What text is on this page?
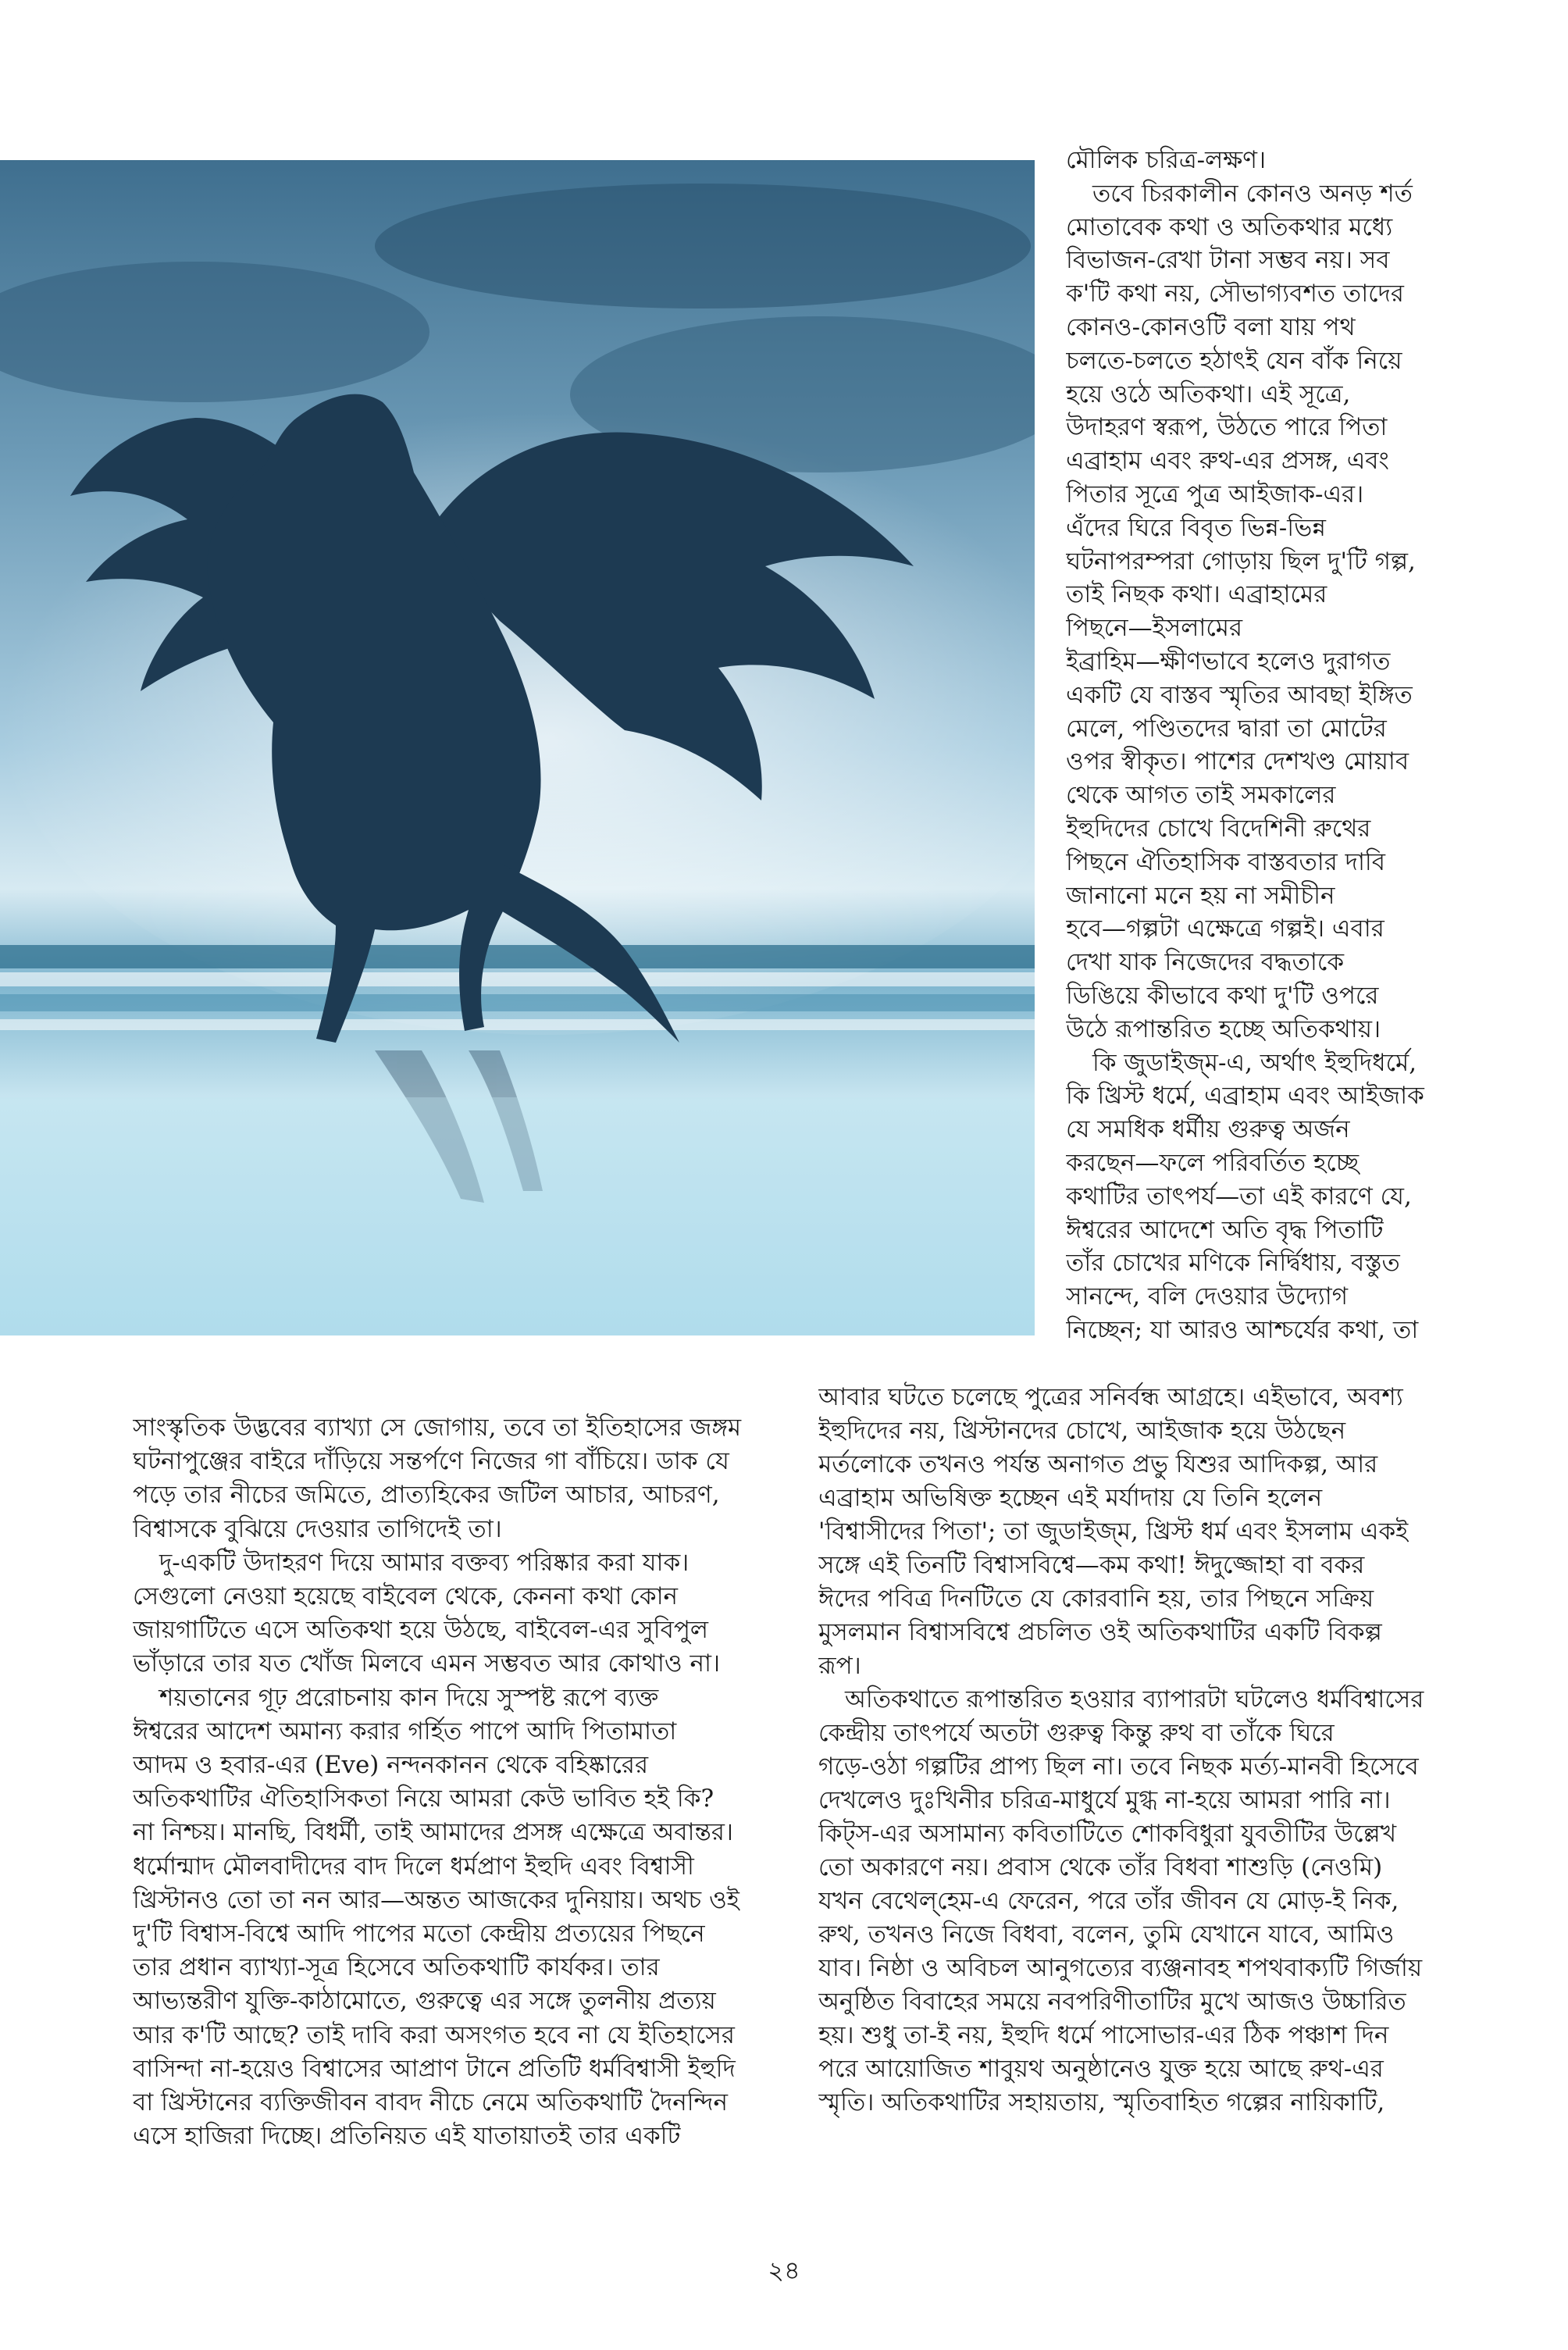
মৌলিক চরিত্র-লক্ষণ।

তবে চিরকালীন কোনও অনড় শর্ত

মোতাবেক কথা ও অতিকথার মধ্যে

বিভাজন-রেখা টানা সম্ভব নয়। সব

ক'টি কথা নয়, সৌভাগ্যবশত তাদের

কোনও-কোনওটি বলা যায় পথ

চলতে-চলতে হঠাৎই যেন বাঁক নিয়ে

হয়ে ওঠে অতিকথা। এই সূত্রে,

উদাহরণ স্বরূপ, উঠতে পারে পিতা

এব্রাহাম এবং রুথ-এর প্রসঙ্গ, এবং

পিতার সূত্রে পুত্র আইজাক-এর।

এঁদের ঘিরে বিবৃত ভিন্ন-ভিন্ন

ঘটনাপরম্পরা গোড়ায় ছিল দু'টি গল্প,

তাই নিছক কথা। এব্রাহামের

পিছনে—ইসলামের

ইব্রাহিম—ক্ষীণভাবে হলেও দুরাগত

একটি যে বাস্তব স্মৃতির আবছা ইঙ্গিত

মেলে, পণ্ডিতদের দ্বারা তা মোটের

ওপর স্বীকৃত। পাশের দেশখণ্ড মোয়াব

থেকে আগত তাই সমকালের

ইহুদিদের চোখে বিদেশিনী রুথের

পিছনে ঐতিহাসিক বাস্তবতার দাবি

জানানো মনে হয় না সমীচীন

হবে—গল্পটা এক্ষেত্রে গল্পই। এবার

দেখা যাক নিজেদের বদ্ধতাকে

ডিঙিয়ে কীভাবে কথা দু'টি ওপরে

উঠে রূপান্তরিত হচ্ছে অতিকথায়।

কি জুডাইজ্‌ম-এ, অর্থাৎ ইহুদিধর্মে,

কি খ্রিস্ট ধর্মে, এব্রাহাম এবং আইজাক

যে সমধিক ধর্মীয় গুরুত্ব অর্জন

করছেন—ফলে পরিবর্তিত হচ্ছে

কথাটির তাৎপর্য—তা এই কারণে যে,

ঈশ্বরের আদেশে অতি বৃদ্ধ পিতাটি

তাঁর চোখের মণিকে নির্দ্বিধায়, বস্তুত

সানন্দে, বলি দেওয়ার উদ্যোগ

নিচ্ছেন; যা আরও আশ্চর্যের কথা, তা

সাংস্কৃতিক উদ্ভবের ব্যাখ্যা সে জোগায়, তবে তা ইতিহাসের জঙ্গম

ঘটনাপুঞ্জের বাইরে দাঁড়িয়ে সন্তর্পণে নিজের গা বাঁচিয়ে। ডাক যে

পড়ে তার নীচের জমিতে, প্রাত্যহিকের জটিল আচার, আচরণ,

বিশ্বাসকে বুঝিয়ে দেওয়ার তাগিদেই তা।

দু-একটি উদাহরণ দিয়ে আমার বক্তব্য পরিষ্কার করা যাক।

সেগুলো নেওয়া হয়েছে বাইবেল থেকে, কেননা কথা কোন

জায়গাটিতে এসে অতিকথা হয়ে উঠছে, বাইবেল-এর সুবিপুল

ভাঁড়ারে তার যত খোঁজ মিলবে এমন সম্ভবত আর কোথাও না।

শয়তানের গূঢ় প্ররোচনায় কান দিয়ে সুস্পষ্ট রূপে ব্যক্ত

ঈশ্বরের আদেশ অমান্য করার গর্হিত পাপে আদি পিতামাতা

আদম ও হবার-এর (Eve) নন্দনকানন থেকে বহিষ্কারের

অতিকথাটির ঐতিহাসিকতা নিয়ে আমরা কেউ ভাবিত হই কি?

না নিশ্চয়। মানছি, বিধর্মী, তাই আমাদের প্রসঙ্গ এক্ষেত্রে অবান্তর।

ধর্মোন্মাদ মৌলবাদীদের বাদ দিলে ধর্মপ্রাণ ইহুদি এবং বিশ্বাসী

খ্রিস্টানও তো তা নন আর—অন্তত আজকের দুনিয়ায়। অথচ ওই

দু'টি বিশ্বাস-বিশ্বে আদি পাপের মতো কেন্দ্রীয় প্রত্যয়ের পিছনে

তার প্রধান ব্যাখ্যা-সূত্র হিসেবে অতিকথাটি কার্যকর। তার

আভ্যন্তরীণ যুক্তি-কাঠামোতে, গুরুত্বে এর সঙ্গে তুলনীয় প্রত্যয়

আর ক'টি আছে? তাই দাবি করা অসংগত হবে না যে ইতিহাসের

বাসিন্দা না-হয়েও বিশ্বাসের আপ্রাণ টানে প্রতিটি ধর্মবিশ্বাসী ইহুদি

বা খ্রিস্টানের ব্যক্তিজীবন বাবদ নীচে নেমে অতিকথাটি দৈনন্দিন

এসে হাজিরা দিচ্ছে। প্রতিনিয়ত এই যাতায়াতই তার একটি

আবার ঘটতে চলেছে পুত্রের সনির্বন্ধ আগ্রহে। এইভাবে, অবশ্য

ইহুদিদের নয়, খ্রিস্টানদের চোখে, আইজাক হয়ে উঠছেন

মর্তলোকে তখনও পর্যন্ত অনাগত প্রভু যিশুর আদিকল্প, আর

এব্রাহাম অভিষিক্ত হচ্ছেন এই মর্যাদায় যে তিনি হলেন

'বিশ্বাসীদের পিতা'; তা জুডাইজ্‌ম, খ্রিস্ট ধর্ম এবং ইসলাম একই

সঙ্গে এই তিনটি বিশ্বাসবিশ্বে—কম কথা! ঈদুজ্জোহা বা বকর

ঈদের পবিত্র দিনটিতে যে কোরবানি হয়, তার পিছনে সক্রিয়

মুসলমান বিশ্বাসবিশ্বে প্রচলিত ওই অতিকথাটির একটি বিকল্প

রূপ।

অতিকথাতে রূপান্তরিত হওয়ার ব্যাপারটা ঘটলেও ধর্মবিশ্বাসের

কেন্দ্রীয় তাৎপর্যে অতটা গুরুত্ব কিন্তু রুথ বা তাঁকে ঘিরে

গড়ে-ওঠা গল্পটির প্রাপ্য ছিল না। তবে নিছক মর্ত্য-মানবী হিসেবে

দেখলেও দুঃখিনীর চরিত্র-মাধুর্যে মুগ্ধ না-হয়ে আমরা পারি না।

কিট্‌স-এর অসামান্য কবিতাটিতে শোকবিধুরা যুবতীটির উল্লেখ

তো অকারণে নয়। প্রবাস থেকে তাঁর বিধবা শাশুড়ি (নেওমি)

যখন বেথেল্‌হেম-এ ফেরেন, পরে তাঁর জীবন যে মোড়-ই নিক,

রুথ, তখনও নিজে বিধবা, বলেন, তুমি যেখানে যাবে, আমিও

যাব। নিষ্ঠা ও অবিচল আনুগত্যের ব্যঞ্জনাবহ শপথবাক্যটি গির্জায়

অনুষ্ঠিত বিবাহের সময়ে নবপরিণীতাটির মুখে আজও উচ্চারিত

হয়। শুধু তা-ই নয়, ইহুদি ধর্মে পাসোভার-এর ঠিক পঞ্চাশ দিন

পরে আয়োজিত শাবুয়থ অনুষ্ঠানেও যুক্ত হয়ে আছে রুথ-এর

স্মৃতি। অতিকথাটির সহায়তায়, স্মৃতিবাহিত গল্পের নায়িকাটি,

২৪
